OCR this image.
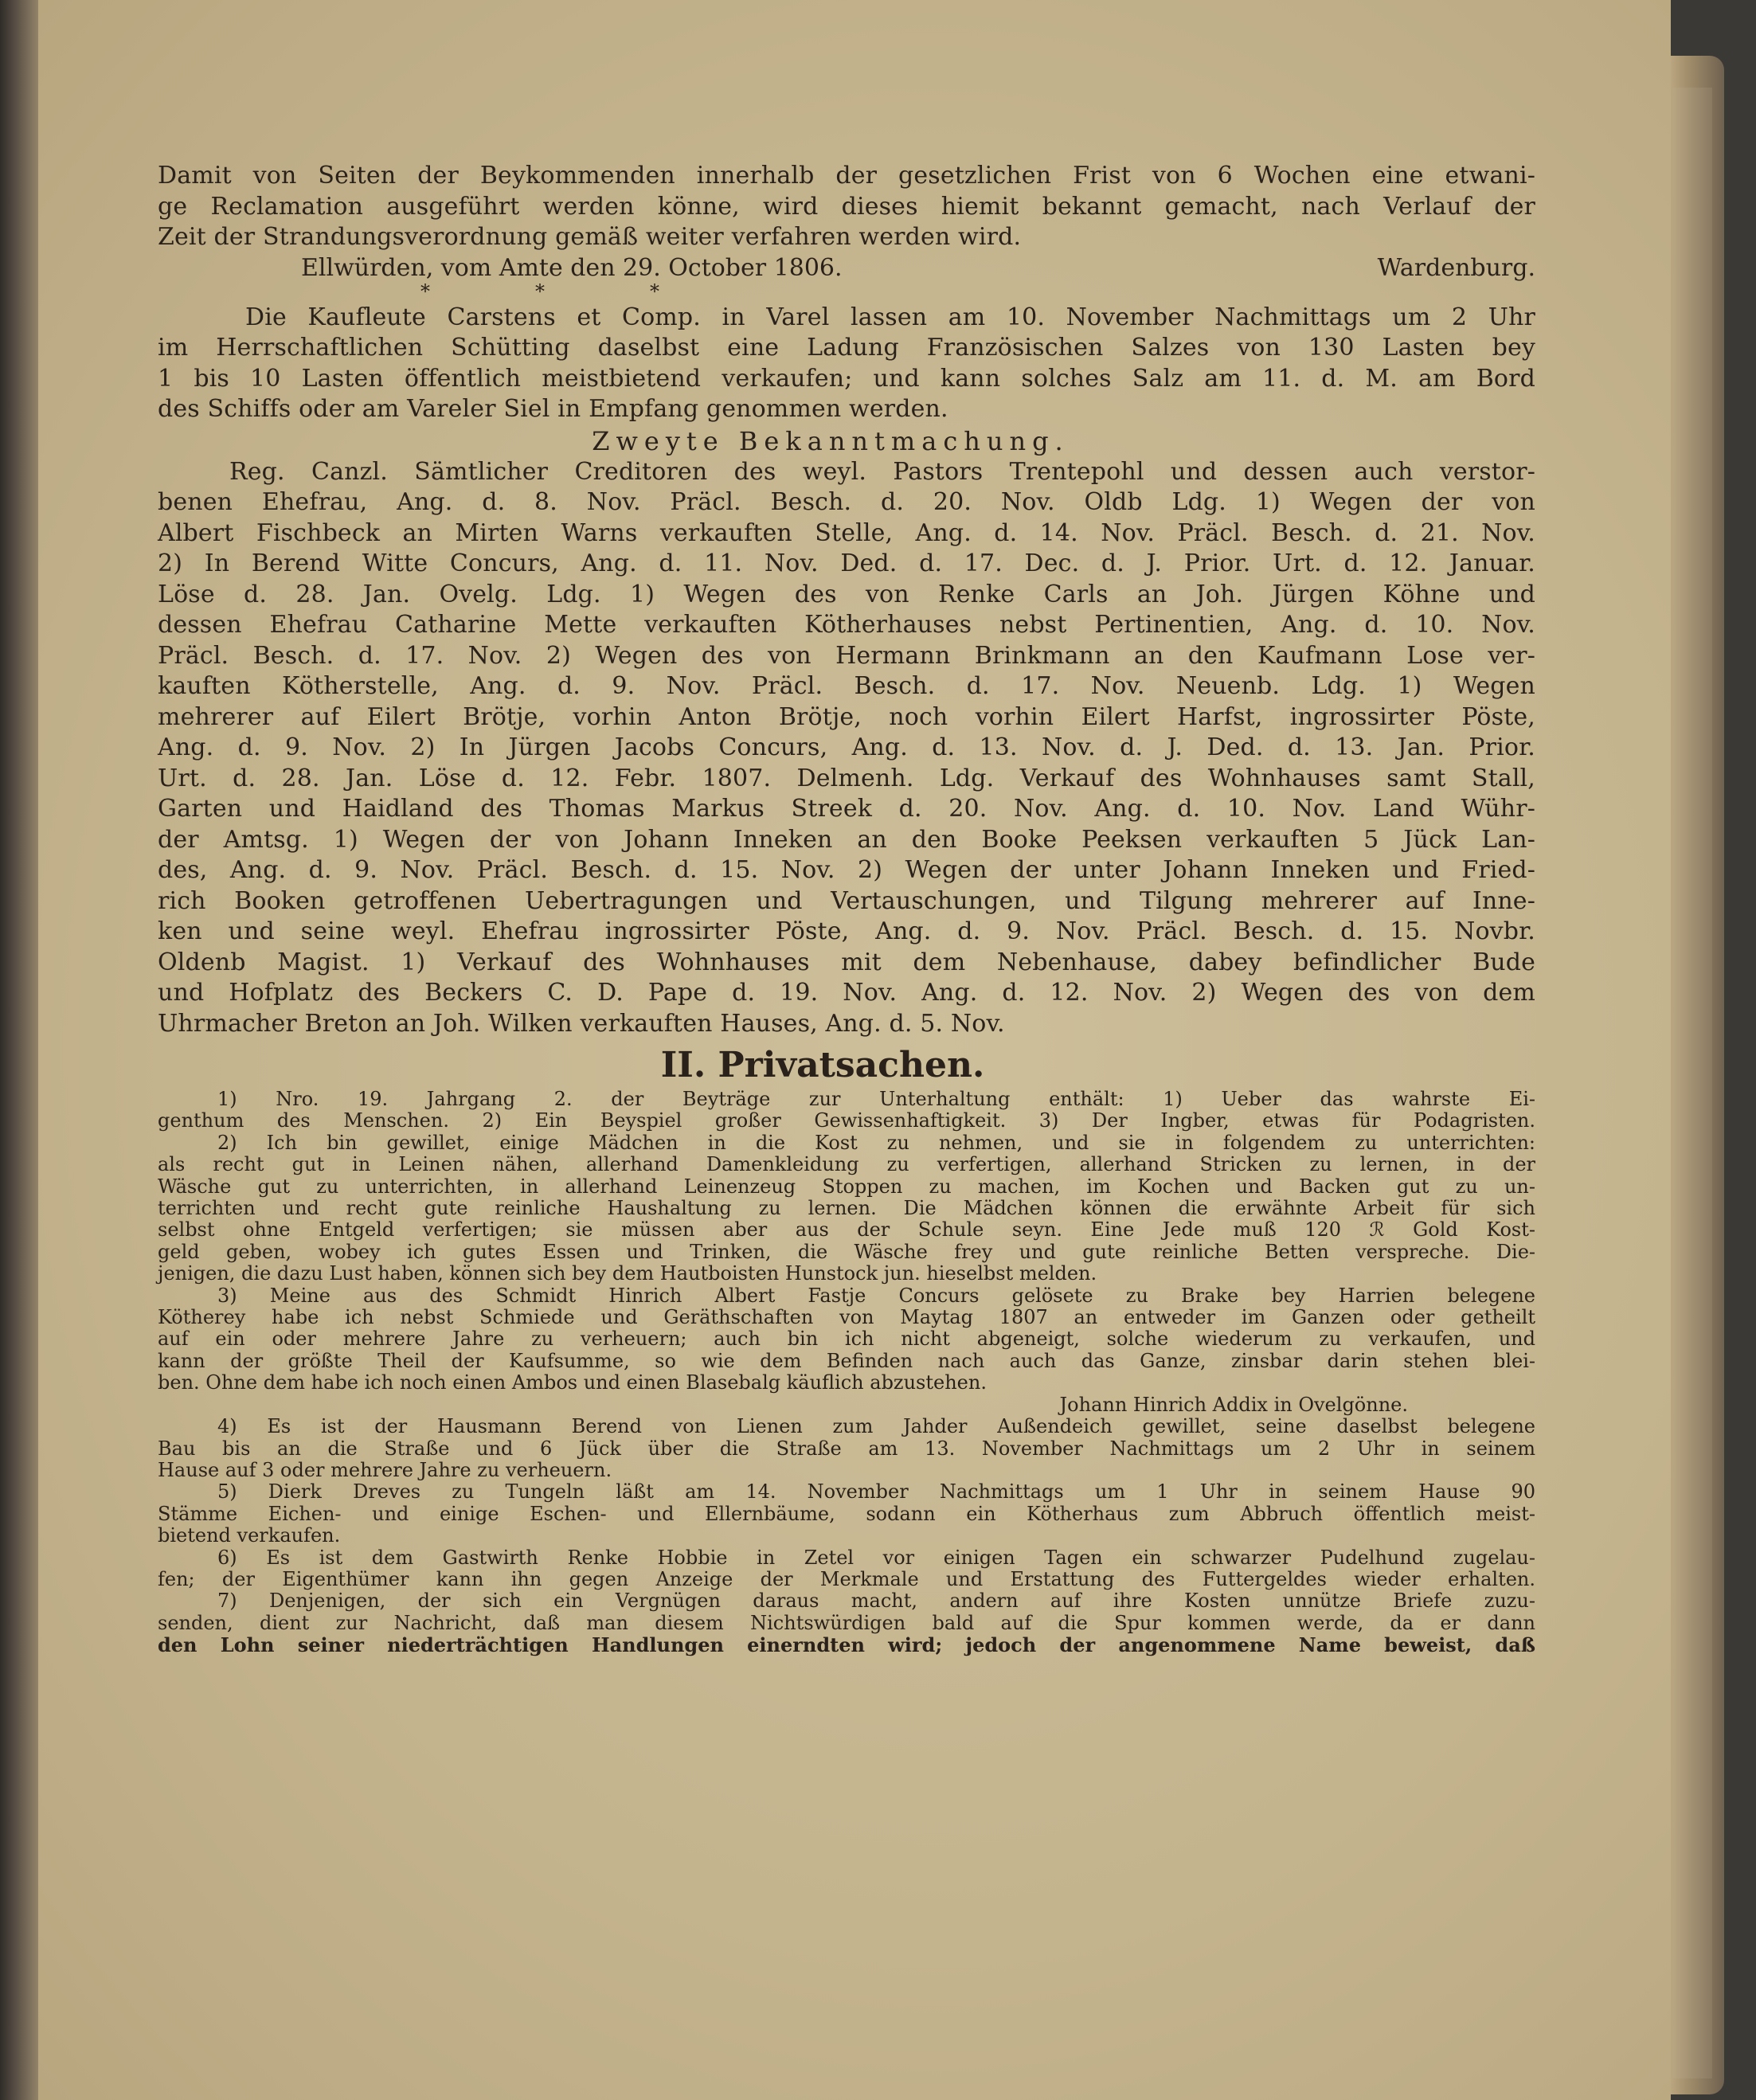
Damit von Seiten der Beykommenden innerhalb der gesetzlichen Frist von 6 Wochen eine etwani-
ge Reclamation ausgeführt werden könne, wird dieses hiemit bekannt gemacht, nach Verlauf der
Zeit der Strandungsverordnung gemäß weiter verfahren werden wird.
Ellwürden, vom Amte den 29. October 1806.	Wardenburg.
*	*	*
Die Kaufleute Carstens et Comp. in Varel lassen am 10. November Nachmittags um 2 Uhr
im Herrschaftlichen Schütting daselbst eine Ladung Französischen Salzes von 130 Lasten bey
1 bis 10 Lasten öffentlich meistbietend verkaufen; und kann solches Salz am 11. d. M. am Bord
des Schiffs oder am Vareler Siel in Empfang genommen werden.
Zweyte Bekanntmachung.
Reg. Canzl. Sämtlicher Creditoren des weyl. Pastors Trentepohl und dessen auch verstor-
benen Ehefrau, Ang. d. 8. Nov. Präcl. Besch. d. 20. Nov. Oldb Ldg. 1) Wegen der von
Albert Fischbeck an Mirten Warns verkauften Stelle, Ang. d. 14. Nov. Präcl. Besch. d. 21. Nov.
2) In Berend Witte Concurs, Ang. d. 11. Nov. Ded. d. 17. Dec. d. J. Prior. Urt. d. 12. Januar.
Löse d. 28. Jan. Ovelg. Ldg. 1) Wegen des von Renke Carls an Joh. Jürgen Köhne und
dessen Ehefrau Catharine Mette verkauften Kötherhauses nebst Pertinentien, Ang. d. 10. Nov.
Präcl. Besch. d. 17. Nov. 2) Wegen des von Hermann Brinkmann an den Kaufmann Lose ver-
kauften Kötherstelle, Ang. d. 9. Nov. Präcl. Besch. d. 17. Nov. Neuenb. Ldg. 1) Wegen
mehrerer auf Eilert Brötje, vorhin Anton Brötje, noch vorhin Eilert Harfst, ingrossirter Pöste,
Ang. d. 9. Nov. 2) In Jürgen Jacobs Concurs, Ang. d. 13. Nov. d. J. Ded. d. 13. Jan. Prior.
Urt. d. 28. Jan. Löse d. 12. Febr. 1807. Delmenh. Ldg. Verkauf des Wohnhauses samt Stall,
Garten und Haidland des Thomas Markus Streek d. 20. Nov. Ang. d. 10. Nov. Land Wühr-
der Amtsg. 1) Wegen der von Johann Inneken an den Booke Peeksen verkauften 5 Jück Lan-
des, Ang. d. 9. Nov. Präcl. Besch. d. 15. Nov. 2) Wegen der unter Johann Inneken und Fried-
rich Booken getroffenen Uebertragungen und Vertauschungen, und Tilgung mehrerer auf Inne-
ken und seine weyl. Ehefrau ingrossirter Pöste, Ang. d. 9. Nov. Präcl. Besch. d. 15. Novbr.
Oldenb Magist. 1) Verkauf des Wohnhauses mit dem Nebenhause, dabey befindlicher Bude
und Hofplatz des Beckers C. D. Pape d. 19. Nov. Ang. d. 12. Nov. 2) Wegen des von dem
Uhrmacher Breton an Joh. Wilken verkauften Hauses, Ang. d. 5. Nov.
II. Privatsachen.
1) Nro. 19. Jahrgang 2. der Beyträge zur Unterhaltung enthält: 1) Ueber das wahrste Ei-
genthum des Menschen. 2) Ein Beyspiel großer Gewissenhaftigkeit. 3) Der Ingber, etwas für Podagristen.
2) Ich bin gewillet, einige Mädchen in die Kost zu nehmen, und sie in folgendem zu unterrichten:
als recht gut in Leinen nähen, allerhand Damenkleidung zu verfertigen, allerhand Stricken zu lernen, in der
Wäsche gut zu unterrichten, in allerhand Leinenzeug Stoppen zu machen, im Kochen und Backen gut zu un-
terrichten und recht gute reinliche Haushaltung zu lernen. Die Mädchen können die erwähnte Arbeit für sich
selbst ohne Entgeld verfertigen; sie müssen aber aus der Schule seyn. Eine Jede muß 120 ℛ Gold Kost-
geld geben, wobey ich gutes Essen und Trinken, die Wäsche frey und gute reinliche Betten verspreche. Die-
jenigen, die dazu Lust haben, können sich bey dem Hautboisten Hunstock jun. hieselbst melden.
3) Meine aus des Schmidt Hinrich Albert Fastje Concurs gelösete zu Brake bey Harrien belegene
Kötherey habe ich nebst Schmiede und Geräthschaften von Maytag 1807 an entweder im Ganzen oder getheilt
auf ein oder mehrere Jahre zu verheuern; auch bin ich nicht abgeneigt, solche wiederum zu verkaufen, und
kann der größte Theil der Kaufsumme, so wie dem Befinden nach auch das Ganze, zinsbar darin stehen blei-
ben. Ohne dem habe ich noch einen Ambos und einen Blasebalg käuflich abzustehen.
Johann Hinrich Addix in Ovelgönne.
4) Es ist der Hausmann Berend von Lienen zum Jahder Außendeich gewillet, seine daselbst belegene
Bau bis an die Straße und 6 Jück über die Straße am 13. November Nachmittags um 2 Uhr in seinem
Hause auf 3 oder mehrere Jahre zu verheuern.
5) Dierk Dreves zu Tungeln läßt am 14. November Nachmittags um 1 Uhr in seinem Hause 90
Stämme Eichen- und einige Eschen- und Ellernbäume, sodann ein Kötherhaus zum Abbruch öffentlich meist-
bietend verkaufen.
6) Es ist dem Gastwirth Renke Hobbie in Zetel vor einigen Tagen ein schwarzer Pudelhund zugelau-
fen; der Eigenthümer kann ihn gegen Anzeige der Merkmale und Erstattung des Futtergeldes wieder erhalten.
7) Denjenigen, der sich ein Vergnügen daraus macht, andern auf ihre Kosten unnütze Briefe zuzu-
senden, dient zur Nachricht, daß man diesem Nichtswürdigen bald auf die Spur kommen werde, da er dann
den Lohn seiner niederträchtigen Handlungen einerndten wird; jedoch der angenommene Name beweist, daß
